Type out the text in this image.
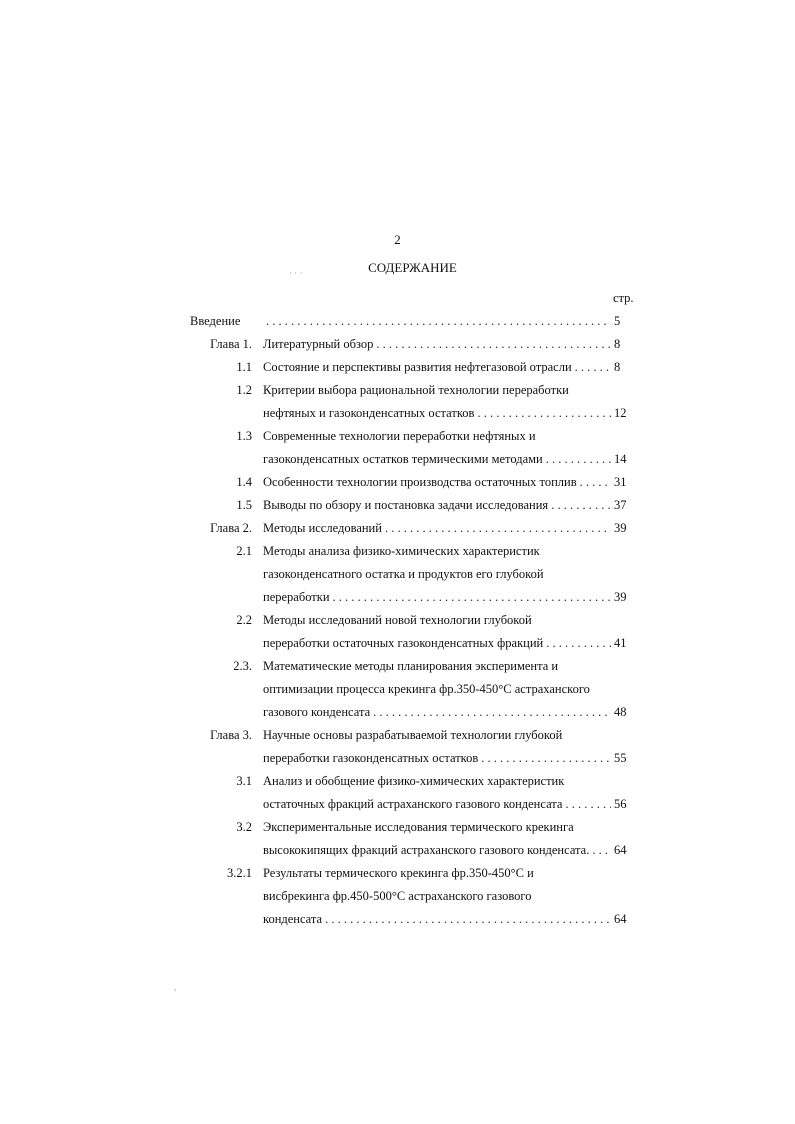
2
СОДЕРЖАНИЕ
стр.
Введение . . .	5
Глава 1. Литературный обзор . . .	8
1.1 Состояние и перспективы развития нефтегазовой отрасли . . .	8
1.2 Критерии выбора рациональной технологии переработки
нефтяных и газоконденсатных остатков . . .	12
1.3 Современные технологии переработки нефтяных и
газоконденсатных остатков термическими методами . . .	14
1.4 Особенности технологии производства остаточных топлив . . .	31
1.5 Выводы по обзору и постановка задачи исследования . . .	37
Глава 2. Методы исследований . . .	39
2.1 Методы анализа физико-химических характеристик
газоконденсатного остатка и продуктов его глубокой
переработки . . .	39
2.2 Методы исследований новой технологии глубокой
переработки остаточных газоконденсатных фракций . . .	41
2.3. Математические методы планирования эксперимента и
оптимизации процесса крекинга фр.350-450°С астраханского
газового конденсата . . .	48
Глава 3. Научные основы разрабатываемой технологии глубокой
переработки газоконденсатных остатков . . .	55
3.1 Анализ и обобщение физико-химических характеристик
остаточных фракций астраханского газового конденсата . . .	56
3.2 Экспериментальные исследования термического крекинга
высококипящих фракций астраханского газового конденсата. . . . 64
3.2.1 Результаты термического крекинга фр.350-450°С и
висбрекинга фр.450-500°С астраханского газового
конденсата . . .	64
· · ·
,
